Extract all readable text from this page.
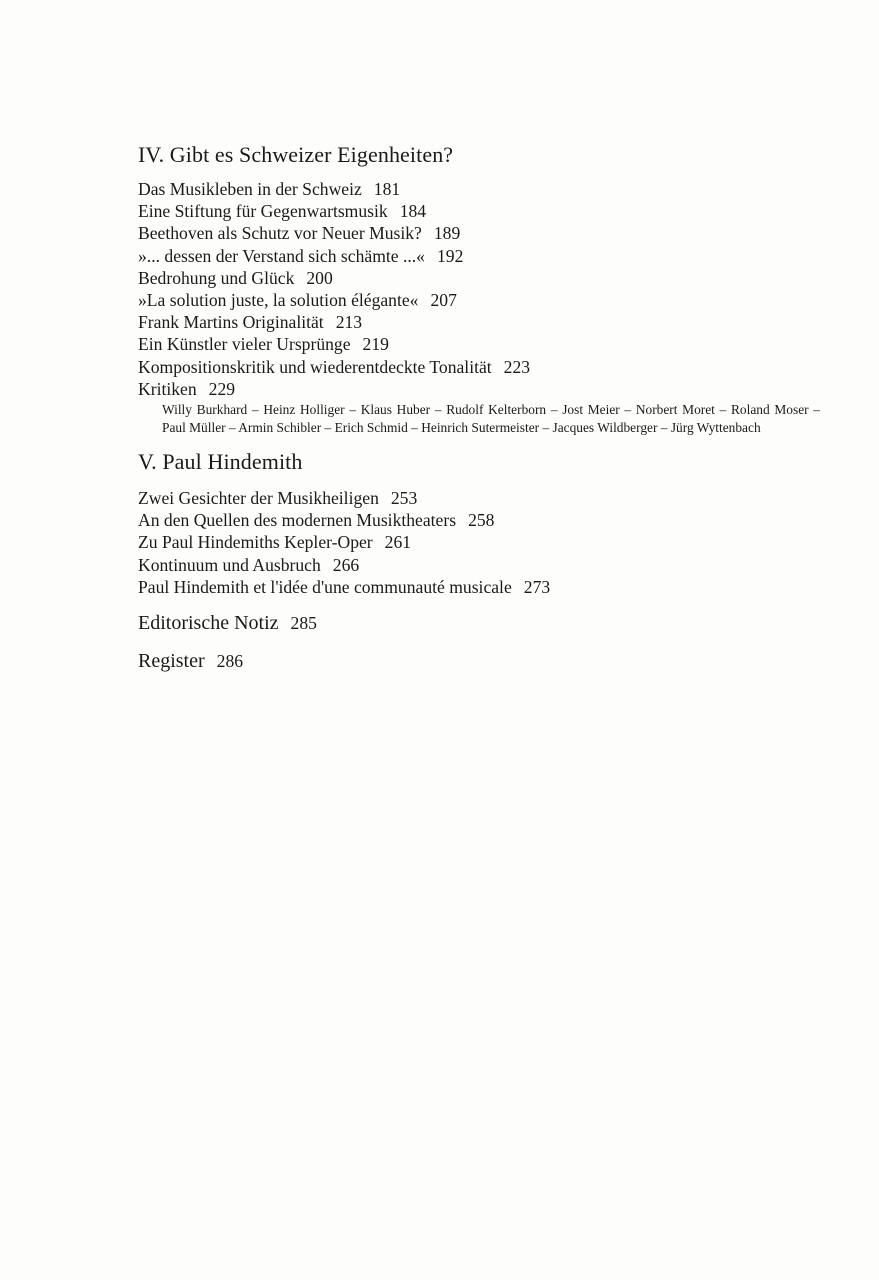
IV. Gibt es Schweizer Eigenheiten?
Das Musikleben in der Schweiz 181
Eine Stiftung für Gegenwartsmusik 184
Beethoven als Schutz vor Neuer Musik? 189
»... dessen der Verstand sich schämte ...« 192
Bedrohung und Glück 200
»La solution juste, la solution élégante« 207
Frank Martins Originalität 213
Ein Künstler vieler Ursprünge 219
Kompositionskritik und wiederentdeckte Tonalität 223
Kritiken 229
Willy Burkhard – Heinz Holliger – Klaus Huber – Rudolf Kelterborn – Jost Meier – Norbert Moret – Roland Moser – Paul Müller – Armin Schibler – Erich Schmid – Heinrich Sutermeister – Jacques Wildberger – Jürg Wyttenbach
V. Paul Hindemith
Zwei Gesichter der Musikheiligen 253
An den Quellen des modernen Musiktheaters 258
Zu Paul Hindemiths Kepler-Oper 261
Kontinuum und Ausbruch 266
Paul Hindemith et l'idée d'une communauté musicale 273
Editorische Notiz 285
Register 286
